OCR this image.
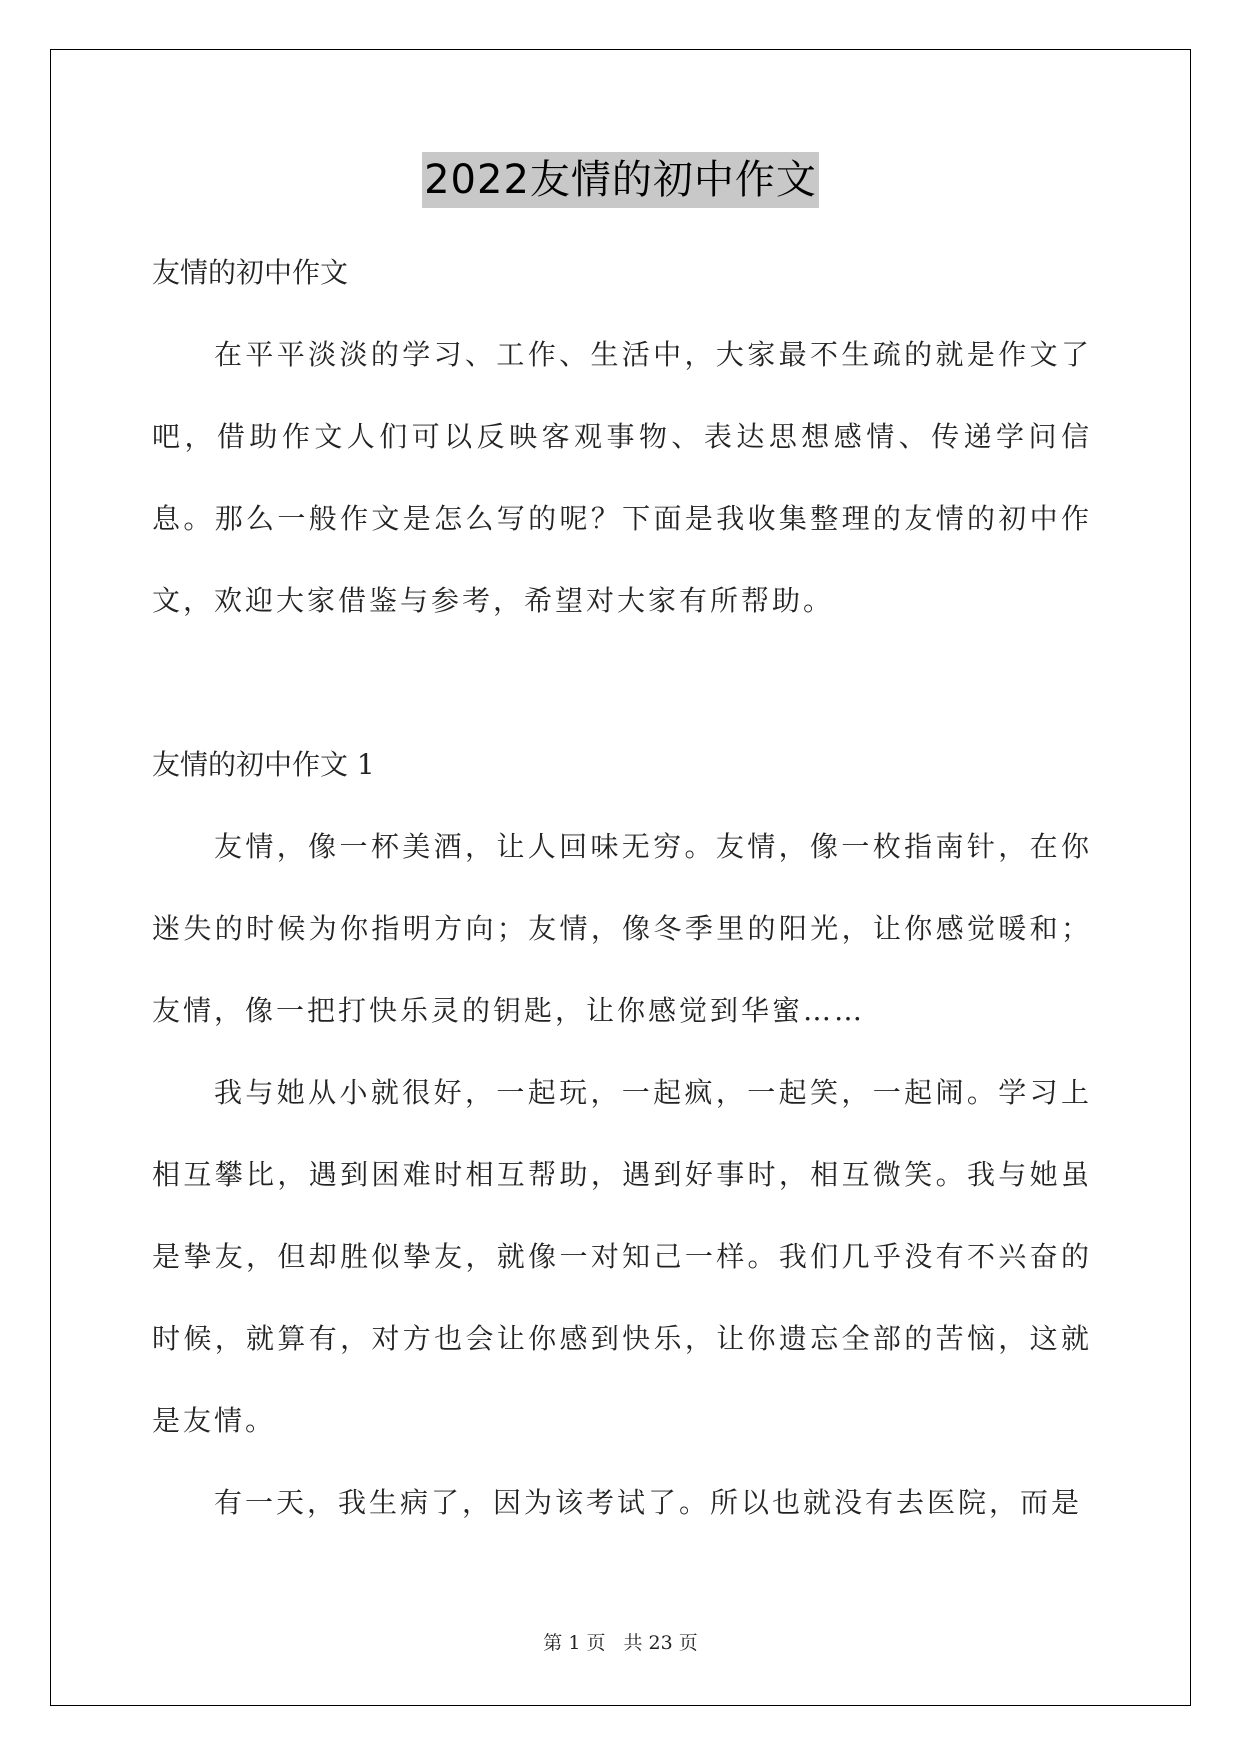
2022友情的初中作文

友情的初中作文

在平平淡淡的学习、工作、生活中，大家最不生疏的就是作文了吧，借助作文人们可以反映客观事物、表达思想感情、传递学问信息。那么一般作文是怎么写的呢？下面是我收集整理的友情的初中作文，欢迎大家借鉴与参考，希望对大家有所帮助。

友情的初中作文 1

友情，像一杯美酒，让人回味无穷。友情，像一枚指南针，在你迷失的时候为你指明方向；友情，像冬季里的阳光，让你感觉暖和；友情，像一把打快乐灵的钥匙，让你感觉到华蜜……

我与她从小就很好，一起玩，一起疯，一起笑，一起闹。学习上相互攀比，遇到困难时相互帮助，遇到好事时，相互微笑。我与她虽是挚友，但却胜似挚友，就像一对知己一样。我们几乎没有不兴奋的时候，就算有，对方也会让你感到快乐，让你遗忘全部的苦恼，这就是友情。

有一天，我生病了，因为该考试了。所以也就没有去医院，而是

第 1 页 共 23 页
